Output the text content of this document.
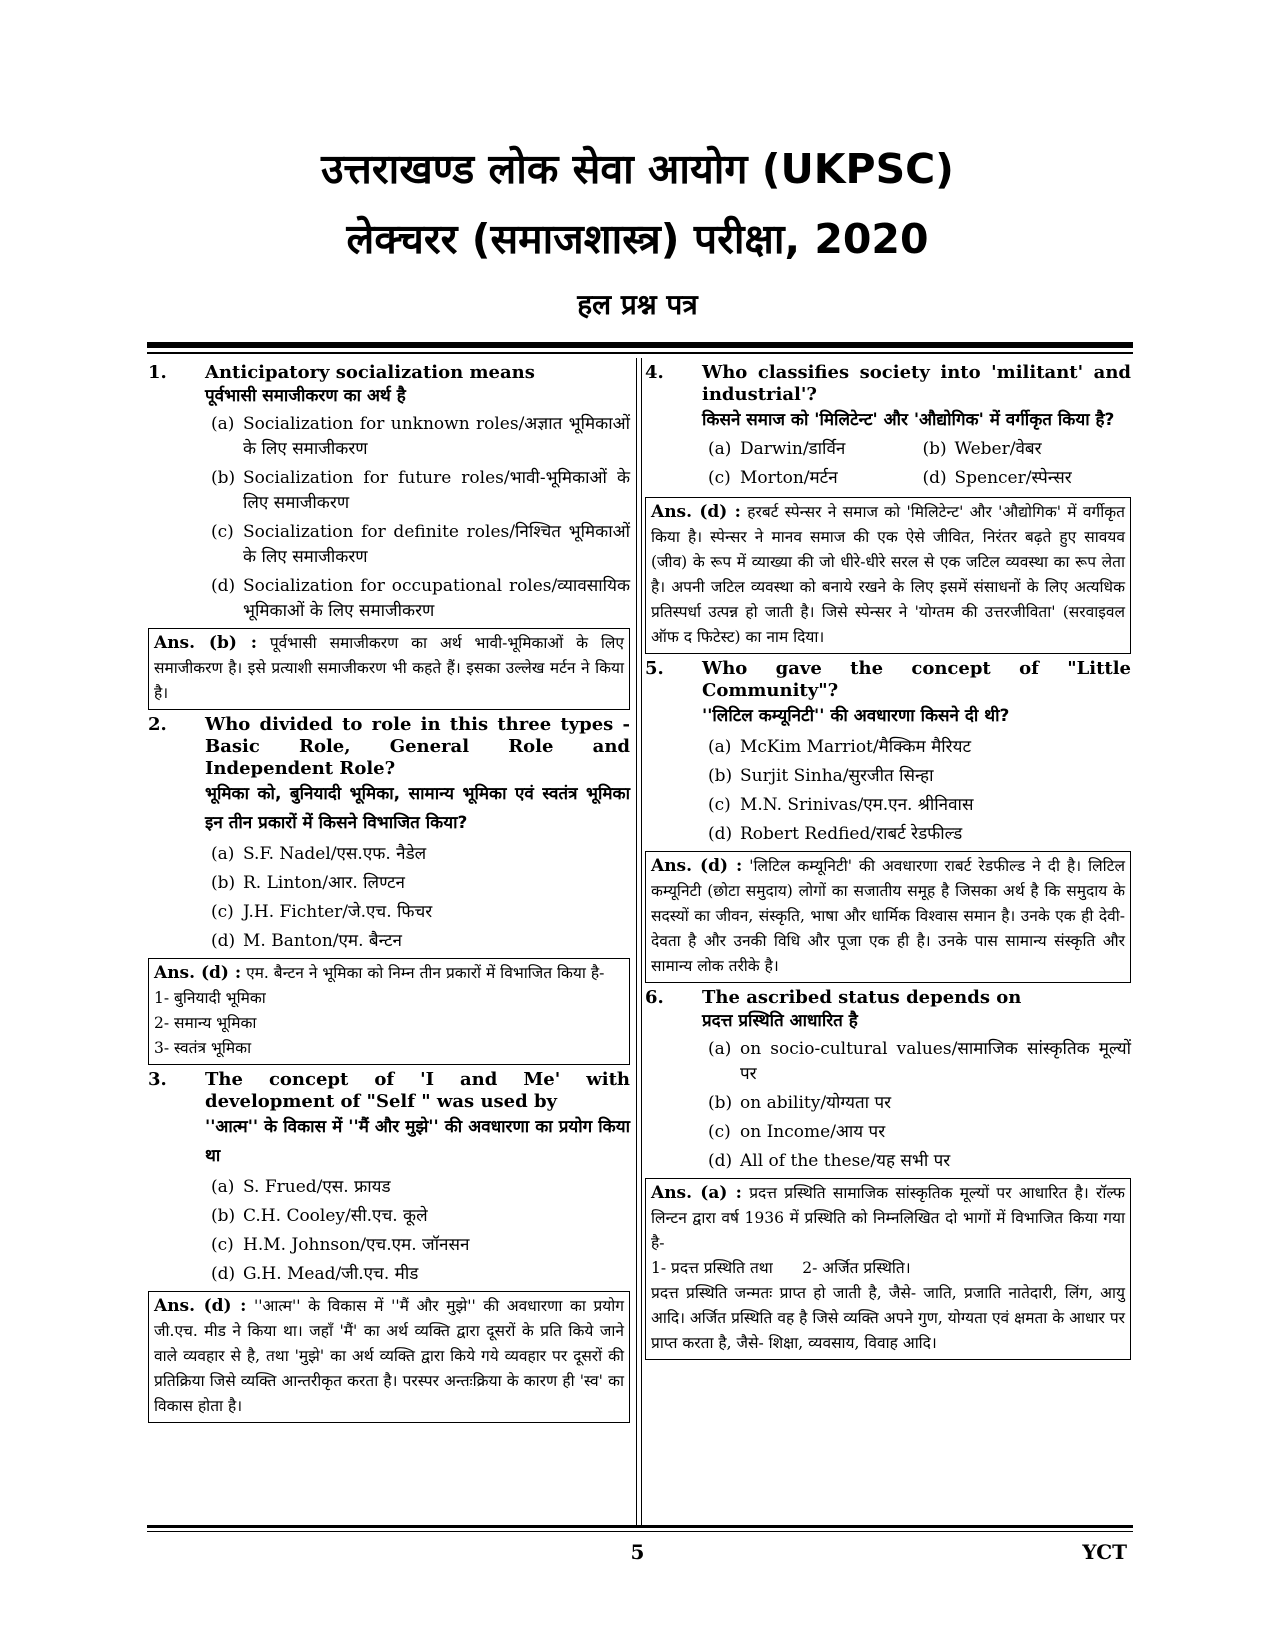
उत्तराखण्ड लोक सेवा आयोग (UKPSC)
लेक्चरर (समाजशास्त्र) परीक्षा, 2020
हल प्रश्न पत्र
1. Anticipatory socialization means
पूर्वभासी समाजीकरण का अर्थ है
(a) Socialization for unknown roles/अज्ञात भूमिकाओं के लिए समाजीकरण
(b) Socialization for future roles/भावी-भूमिकाओं के लिए समाजीकरण
(c) Socialization for definite roles/निश्चित भूमिकाओं के लिए समाजीकरण
(d) Socialization for occupational roles/व्यावसायिक भूमिकाओं के लिए समाजीकरण
Ans. (b) : पूर्वभासी समाजीकरण का अर्थ भावी-भूमिकाओं के लिए समाजीकरण है। इसे प्रत्याशी समाजीकरण भी कहते हैं। इसका उल्लेख मर्टन ने किया है।
2. Who divided to role in this three types - Basic Role, General Role and Independent Role?
भूमिका को, बुनियादी भूमिका, सामान्य भूमिका एवं स्वतंत्र भूमिका इन तीन प्रकारों में किसने विभाजित किया?
(a) S.F. Nadel/एस.एफ. नैडेल
(b) R. Linton/आर. लिण्टन
(c) J.H. Fichter/जे.एच. फिचर
(d) M. Banton/एम. बैन्टन
Ans. (d) : एम. बैन्टन ने भूमिका को निम्न तीन प्रकारों में विभाजित किया है-
1- बुनियादी भूमिका
2- समान्य भूमिका
3- स्वतंत्र भूमिका
3. The concept of 'I and Me' with development of "Self " was used by
''आत्म'' के विकास में ''मैं और मुझे'' की अवधारणा का प्रयोग किया था
(a) S. Frued/एस. फ्रायड
(b) C.H. Cooley/सी.एच. कूले
(c) H.M. Johnson/एच.एम. जॉनसन
(d) G.H. Mead/जी.एच. मीड
Ans. (d) : ''आत्म'' के विकास में ''मैं और मुझे'' की अवधारणा का प्रयोग जी.एच. मीड ने किया था। जहाँ 'मैं' का अर्थ व्यक्ति द्वारा दूसरों के प्रति किये जाने वाले व्यवहार से है, तथा 'मुझे' का अर्थ व्यक्ति द्वारा किये गये व्यवहार पर दूसरों की प्रतिक्रिया जिसे व्यक्ति आन्तरीकृत करता है। परस्पर अन्तःक्रिया के कारण ही 'स्व' का विकास होता है।
4. Who classifies society into 'militant' and industrial'?
किसने समाज को 'मिलिटेन्ट' और 'औद्योगिक' में वर्गीकृत किया है?
(a) Darwin/डार्विन	(b) Weber/वेबर
(c) Morton/मर्टन	(d) Spencer/स्पेन्सर
Ans. (d) : हरबर्ट स्पेन्सर ने समाज को 'मिलिटेन्ट' और 'औद्योगिक' में वर्गीकृत किया है। स्पेन्सर ने मानव समाज की एक ऐसे जीवित, निरंतर बढ़ते हुए सावयव (जीव) के रूप में व्याख्या की जो धीरे-धीरे सरल से एक जटिल व्यवस्था का रूप लेता है। अपनी जटिल व्यवस्था को बनाये रखने के लिए इसमें संसाधनों के लिए अत्यधिक प्रतिस्पर्धा उत्पन्न हो जाती है। जिसे स्पेन्सर ने 'योग्तम की उत्तरजीविता' (सरवाइवल ऑफ द फिटेस्ट) का नाम दिया।
5. Who gave the concept of "Little Community"?
''लिटिल कम्यूनिटी'' की अवधारणा किसने दी थी?
(a) McKim Marriot/मैक्किम मैरियट
(b) Surjit Sinha/सुरजीत सिन्हा
(c) M.N. Srinivas/एम.एन. श्रीनिवास
(d) Robert Redfied/राबर्ट रेडफील्ड
Ans. (d) : 'लिटिल कम्यूनिटी' की अवधारणा राबर्ट रेडफील्ड ने दी है। लिटिल कम्यूनिटी (छोटा समुदाय) लोगों का सजातीय समूह है जिसका अर्थ है कि समुदाय के सदस्यों का जीवन, संस्कृति, भाषा और धार्मिक विश्वास समान है। उनके एक ही देवी-देवता है और उनकी विधि और पूजा एक ही है। उनके पास सामान्य संस्कृति और सामान्य लोक तरीके है।
6. The ascribed status depends on
प्रदत्त प्रस्थिति आधारित है
(a) on socio-cultural values/सामाजिक सांस्कृतिक मूल्यों पर
(b) on ability/योग्यता पर
(c) on Income/आय पर
(d) All of the these/यह सभी पर
Ans. (a) : प्रदत्त प्रस्थिति सामाजिक सांस्कृतिक मूल्यों पर आधारित है। रॉल्फ लिन्टन द्वारा वर्ष 1936 में प्रस्थिति को निम्नलिखित दो भागों में विभाजित किया गया है-
1- प्रदत्त प्रस्थिति तथा      2- अर्जित प्रस्थिति।
प्रदत्त प्रस्थिति जन्मतः प्राप्त हो जाती है, जैसे- जाति, प्रजाति नातेदारी, लिंग, आयु आदि। अर्जित प्रस्थिति वह है जिसे व्यक्ति अपने गुण, योग्यता एवं क्षमता के आधार पर प्राप्त करता है, जैसे- शिक्षा, व्यवसाय, विवाह आदि।
5	YCT
